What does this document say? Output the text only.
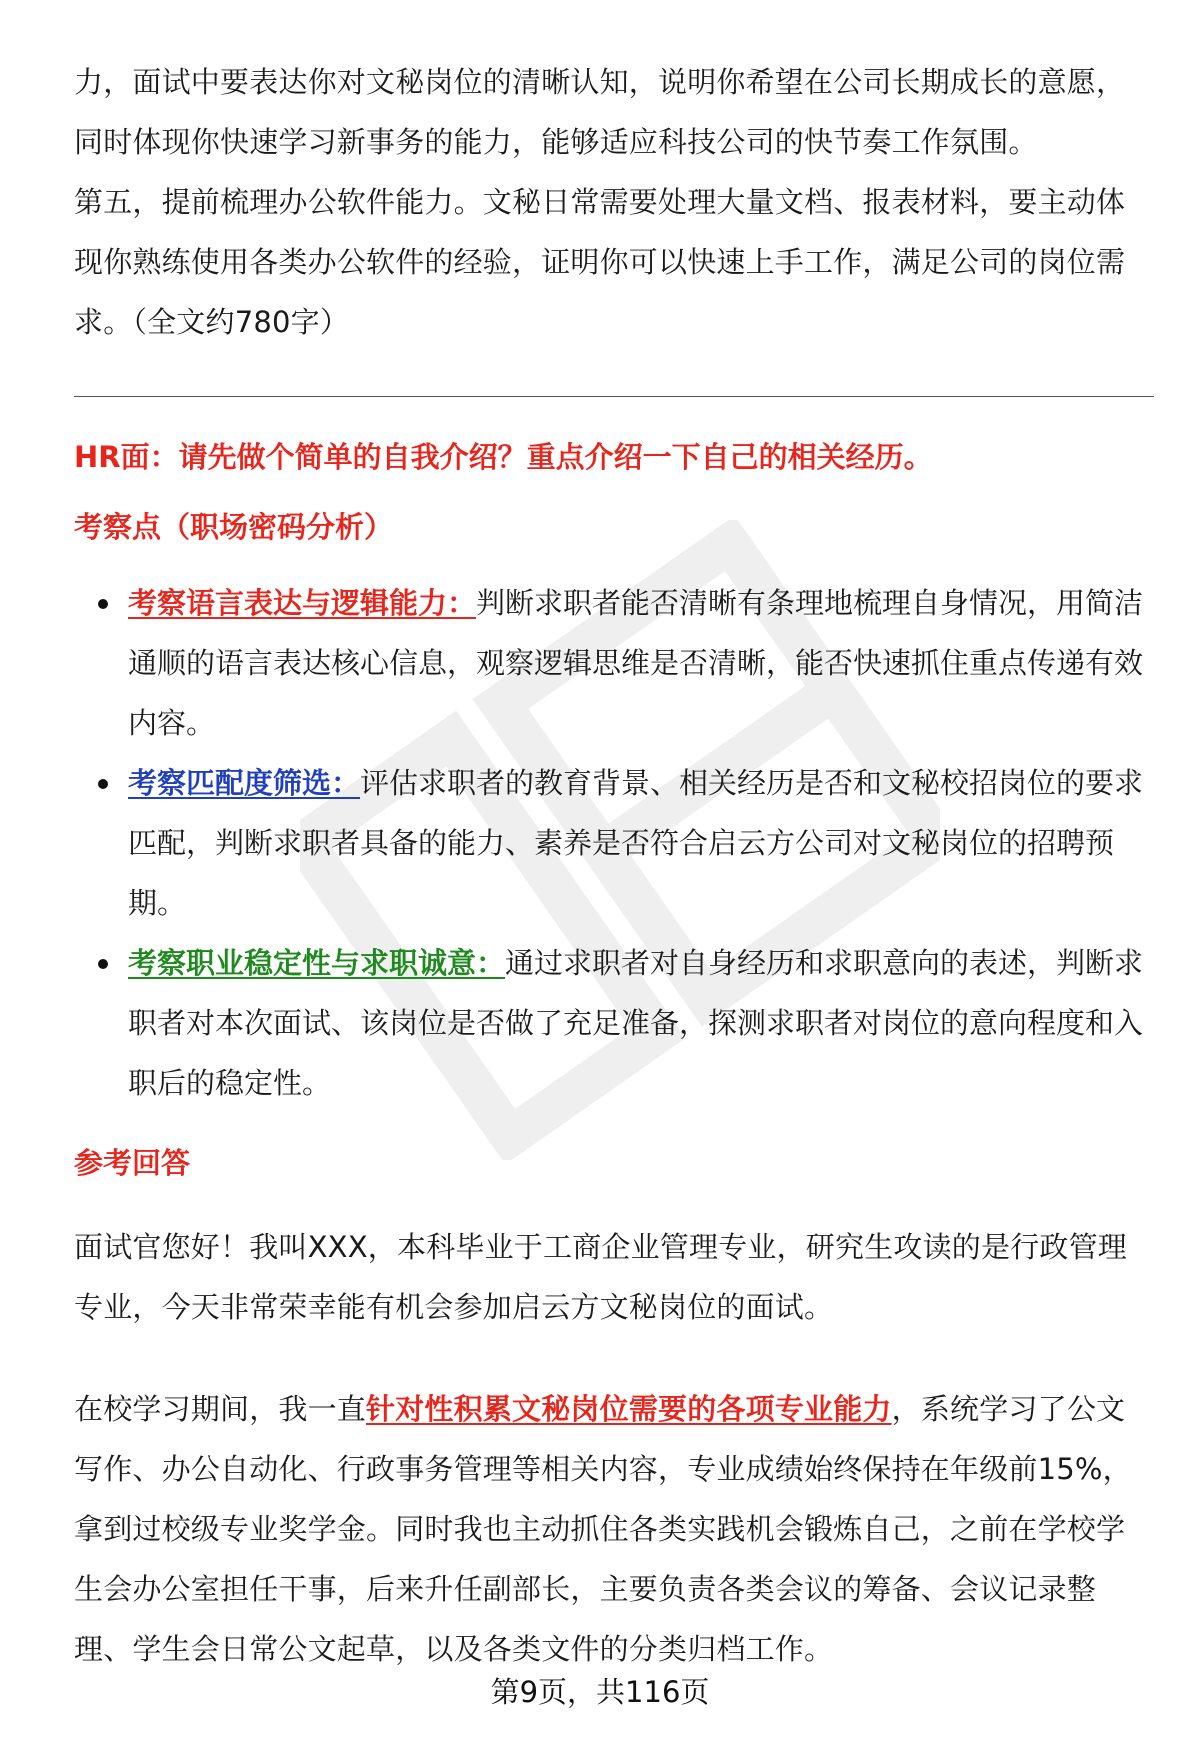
力，面试中要表达你对文秘岗位的清晰认知，说明你希望在公司长期成长的意愿，同时体现你快速学习新事务的能力，能够适应科技公司的快节奏工作氛围。

第五，提前梳理办公软件能力。文秘日常需要处理大量文档、报表材料，要主动体现你熟练使用各类办公软件的经验，证明你可以快速上手工作，满足公司的岗位需求。（全文约780字）

HR面：请先做个简单的自我介绍？重点介绍一下自己的相关经历。
考察点（职场密码分析）
考察语言表达与逻辑能力：判断求职者能否清晰有条理地梳理自身情况，用简洁通顺的语言表达核心信息，观察逻辑思维是否清晰，能否快速抓住重点传递有效内容。
考察匹配度筛选：评估求职者的教育背景、相关经历是否和文秘校招岗位的要求匹配，判断求职者具备的能力、素养是否符合启云方公司对文秘岗位的招聘预期。
考察职业稳定性与求职诚意：通过求职者对自身经历和求职意向的表述，判断求职者对本次面试、该岗位是否做了充足准备，探测求职者对岗位的意向程度和入职后的稳定性。
参考回答

面试官您好！我叫XXX，本科毕业于工商企业管理专业，研究生攻读的是行政管理专业，今天非常荣幸能有机会参加启云方文秘岗位的面试。

在校学习期间，我一直针对性积累文秘岗位需要的各项专业能力，系统学习了公文写作、办公自动化、行政事务管理等相关内容，专业成绩始终保持在年级前15%，拿到过校级专业奖学金。同时我也主动抓住各类实践机会锻炼自己，之前在学校学生会办公室担任干事，后来升任副部长，主要负责各类会议的筹备、会议记录整理、学生会日常公文起草，以及各类文件的分类归档工作。

第9页，共116页
